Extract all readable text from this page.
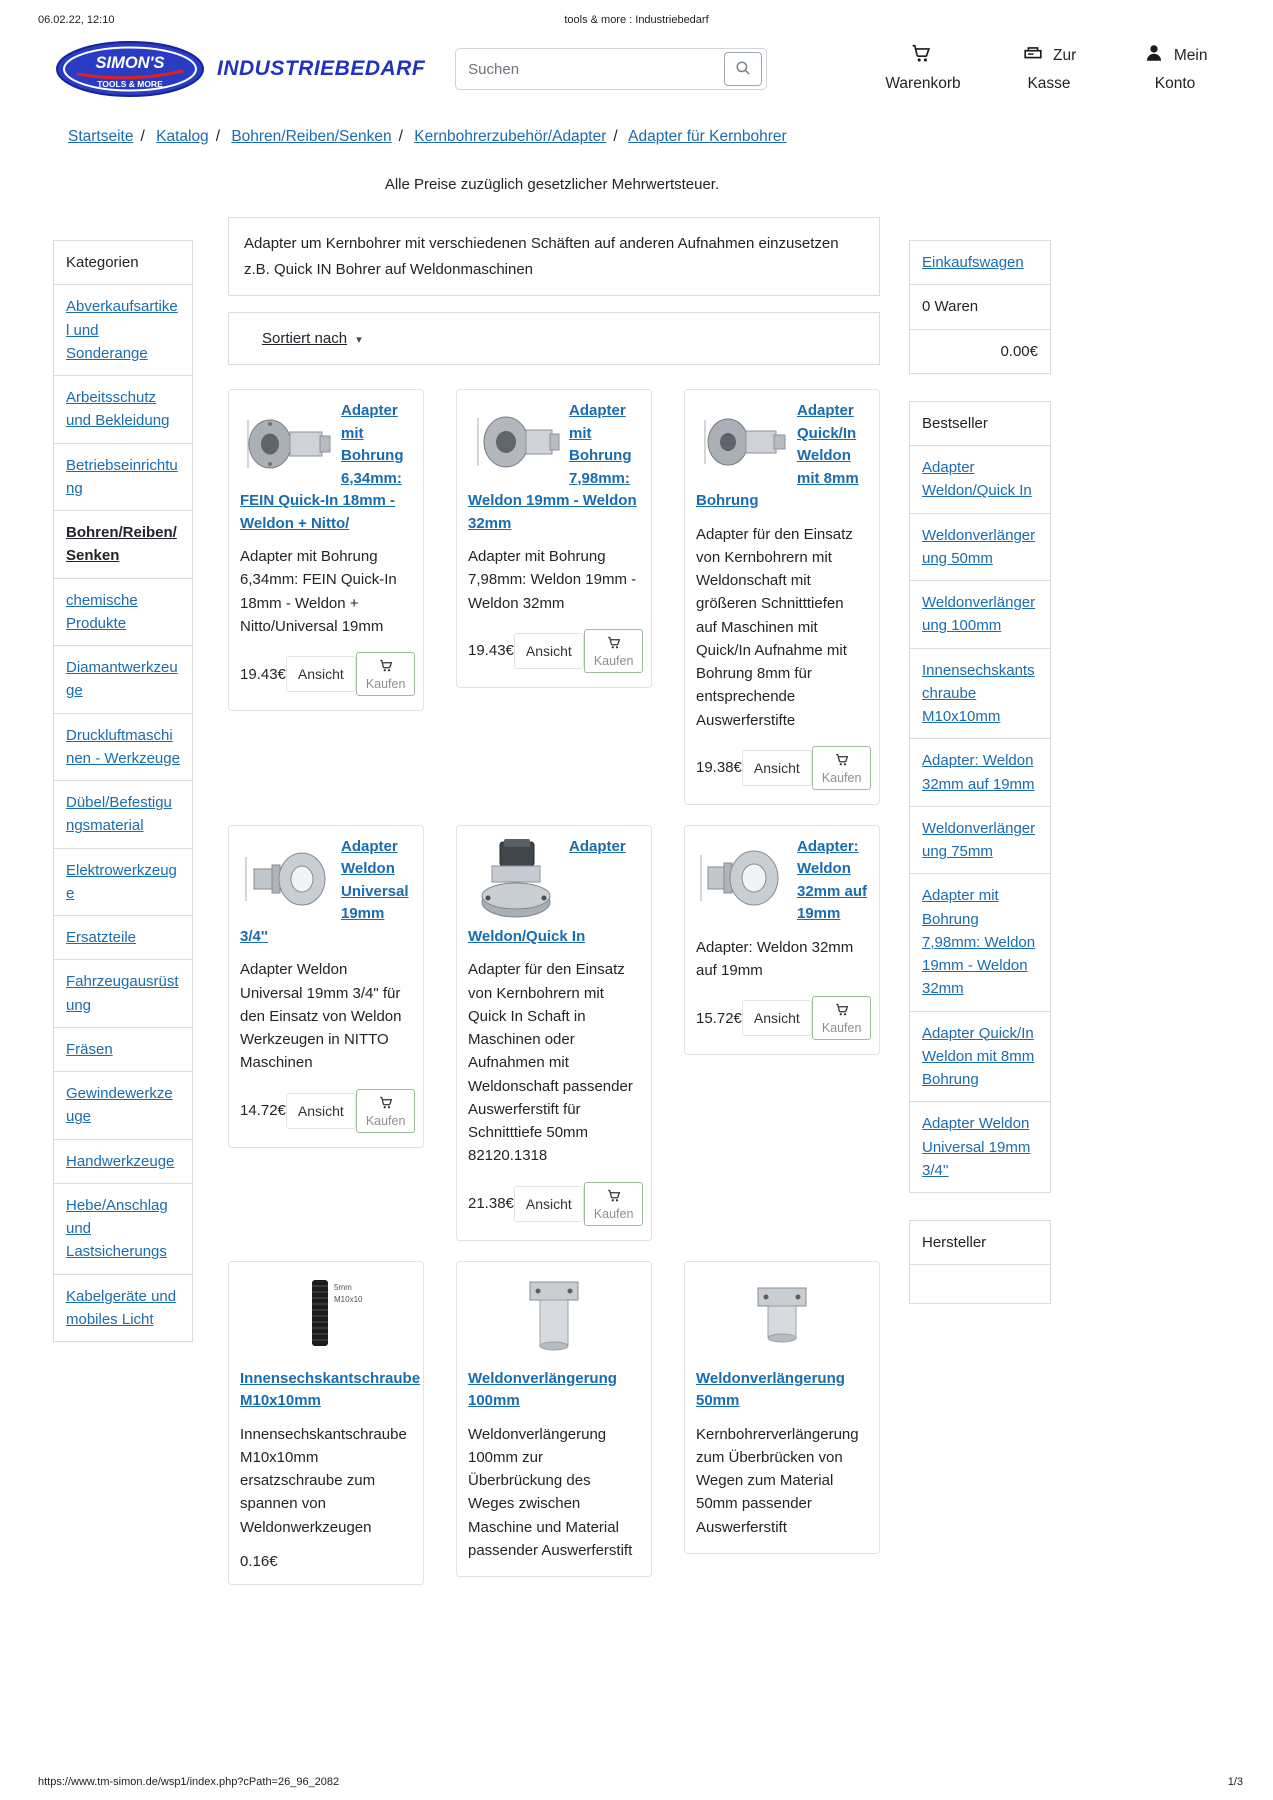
06.02.22, 12:10	tools & more : Industriebedarf
SIMON'S
TOOLS & MORE
INDUSTRIEBEDARF
Suchen
Warenkorb
Zur Kasse
Mein Konto
Startseite / Katalog / Bohren/Reiben/Senken / Kernbohrerzubehör/Adapter / Adapter für Kernbohrer
Alle Preise zuzüglich gesetzlicher Mehrwertsteuer.
Kategorien
Abverkaufsartikel und Sonderange
Arbeitsschutz und Bekleidung
Betriebseinrichtung
Bohren/Reiben/Senken
chemische Produkte
Diamantwerkzeuge
Druckluftmaschinen - Werkzeuge
Dübel/Befestigungsmaterial
Elektrowerkzeuge
Ersatzteile
Fahrzeugausrüstung
Fräsen
Gewindewerkzeuge
Handwerkzeuge
Hebe/Anschlag und Lastsicherungs
Kabelgeräte und mobiles Licht
Adapter um Kernbohrer mit verschiedenen Schäften auf anderen Aufnahmen einzusetzen z.B. Quick IN Bohrer auf Weldonmaschinen
Sortiert nach ▾
Adapter mit Bohrung 6,34mm: FEIN Quick-In 18mm - Weldon + Nitto/

Adapter mit Bohrung 6,34mm: FEIN Quick-In 18mm - Weldon + Nitto/Universal 19mm

19.43€ Ansicht
Kaufen
Adapter mit Bohrung 7,98mm: Weldon 19mm - Weldon 32mm

Adapter mit Bohrung 7,98mm: Weldon 19mm - Weldon 32mm

19.43€ Ansicht
Kaufen
Adapter Quick/In Weldon mit 8mm Bohrung

Adapter für den Einsatz von Kernbohrern mit Weldonschaft mit größeren Schnitttiefen auf Maschinen mit Quick/In Aufnahme mit Bohrung 8mm für entsprechende Auswerferstifte

19.38€ Ansicht
Kaufen
Adapter Weldon Universal 19mm 3/4''

Adapter Weldon Universal 19mm 3/4" für den Einsatz von Weldon Werkzeugen in NITTO Maschinen

14.72€ Ansicht
Kaufen
Adapter Weldon/Quick In

Adapter für den Einsatz von Kernbohrern mit Quick In Schaft in Maschinen oder Aufnahmen mit Weldonschaft passender Auswerferstift für Schnitttiefe 50mm 82120.1318

21.38€ Ansicht
Kaufen
Adapter: Weldon 32mm auf 19mm

Adapter: Weldon 32mm auf 19mm

15.72€ Ansicht
Kaufen
5mm
M10x10
Innensechskantschraube M10x10mm

Innensechskantschraube M10x10mm ersatzschraube zum spannen von Weldonwerkzeugen

0.16€
Weldonverlängerung 100mm

Weldonverlängerung 100mm zur Überbrückung des Weges zwischen Maschine und Material passender Auswerferstift

Weldonverlängerung 50mm

Kernbohrerverlängerung zum Überbrücken von Wegen zum Material 50mm passender Auswerferstift

Einkaufswagen
0 Waren
0.00€
Bestseller
Adapter Weldon/Quick In
Weldonverlängerung 50mm
Weldonverlängerung 100mm
Innensechskantschraube M10x10mm
Adapter: Weldon 32mm auf 19mm
Weldonverlängerung 75mm
Adapter mit Bohrung 7,98mm: Weldon 19mm - Weldon 32mm
Adapter Quick/In Weldon mit 8mm Bohrung
Adapter Weldon Universal 19mm 3/4''
Hersteller
https://www.tm-simon.de/wsp1/index.php?cPath=26_96_2082	1/3
